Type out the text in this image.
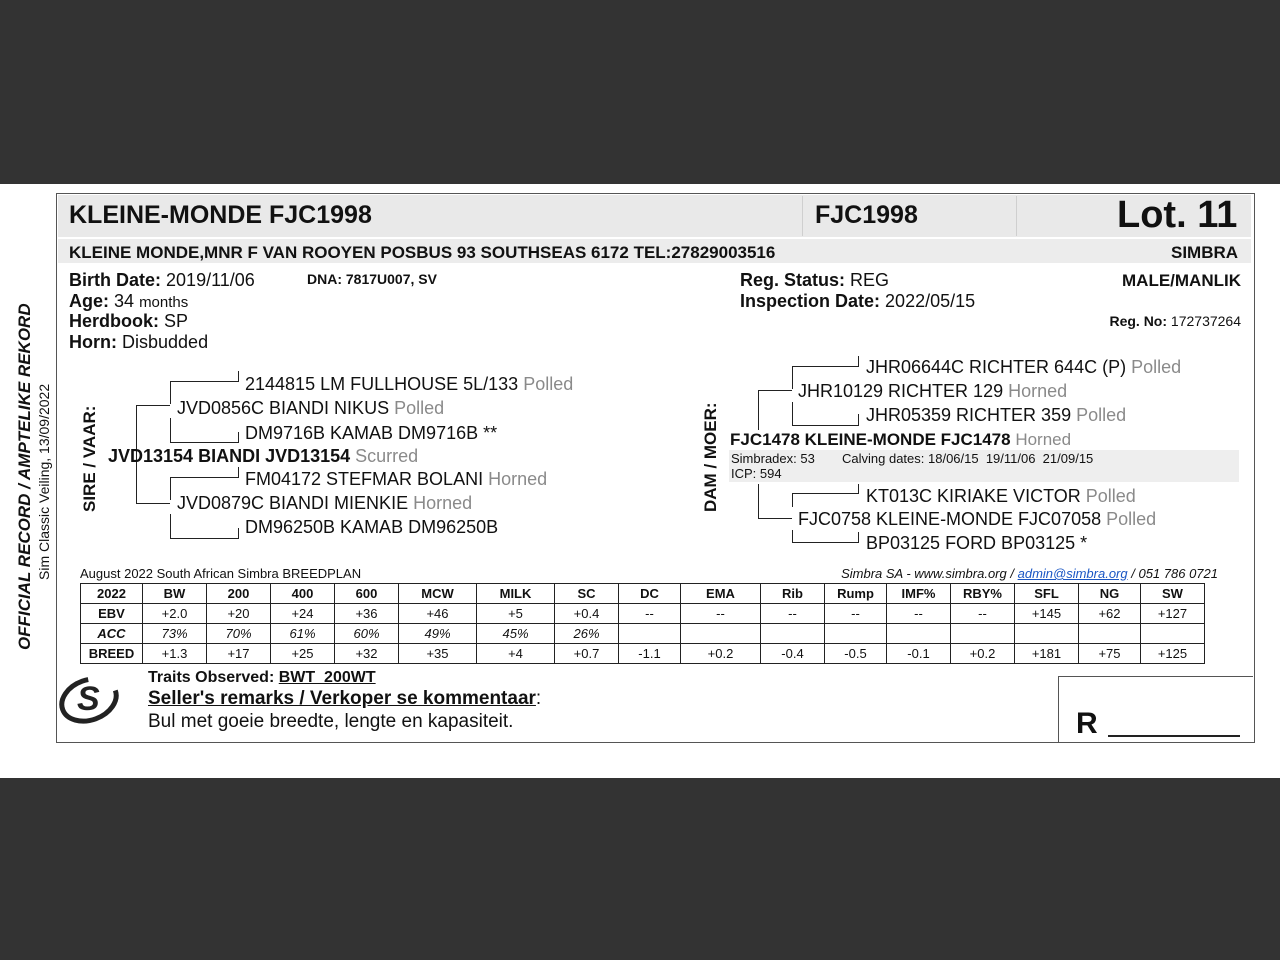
KLEINE-MONDE FJC1998	FJC1998	Lot. 11
KLEINE MONDE,MNR F VAN ROOYEN POSBUS 93 SOUTHSEAS 6172 TEL:27829003516	SIMBRA
OFFICIAL RECORD / AMPTELIKE REKORD Sim Classic Veiling, 13/09/2022
Birth Date: 2019/11/06	DNA: 7817U007, SV
Age: 34 months
Herdbook: SP
Horn: Disbudded
Reg. Status: REG
Inspection Date: 2022/05/15
MALE/MANLIK
Reg. No: 172737264
SIRE / VAAR:	DAM / MOER:
2144815 LM FULLHOUSE 5L/133 Polled
JVD0856C BIANDI NIKUS Polled
DM9716B KAMAB DM9716B **
JVD13154 BIANDI JVD13154 Scurred
FM04172 STEFMAR BOLANI Horned
JVD0879C BIANDI MIENKIE Horned
DM96250B KAMAB DM96250B
JHR06644C RICHTER 644C (P) Polled
JHR10129 RICHTER 129 Horned
JHR05359 RICHTER 359 Polled
FJC1478 KLEINE-MONDE FJC1478 Horned
Simbradex: 53 Calving dates: 18/06/15  19/11/06  21/09/15
ICP: 594
KT013C KIRIAKE VICTOR Polled
FJC0758 KLEINE-MONDE FJC07058 Polled
BP03125 FORD BP03125 *
August 2022 South African Simbra BREEDPLAN	Simbra SA - www.simbra.org / admin@simbra.org / 051 786 0721
2022	BW	200	400	600	MCW	MILK	SC	DC	EMA	Rib	Rump	IMF%	RBY%	SFL	NG	SW
EBV	+2.0	+20	+24	+36	+46	+5	+0.4	--	--	--	--	--	--	+145	+62	+127
ACC	73%	70%	61%	60%	49%	45%	26%									
BREED	+1.3	+17	+25	+32	+35	+4	+0.7	-1.1	+0.2	-0.4	-0.5	-0.1	+0.2	+181	+75	+125
S
Traits Observed: BWT  200WT
Seller's remarks / Verkoper se kommentaar:
Bul met goeie breedte, lengte en kapasiteit.	R
